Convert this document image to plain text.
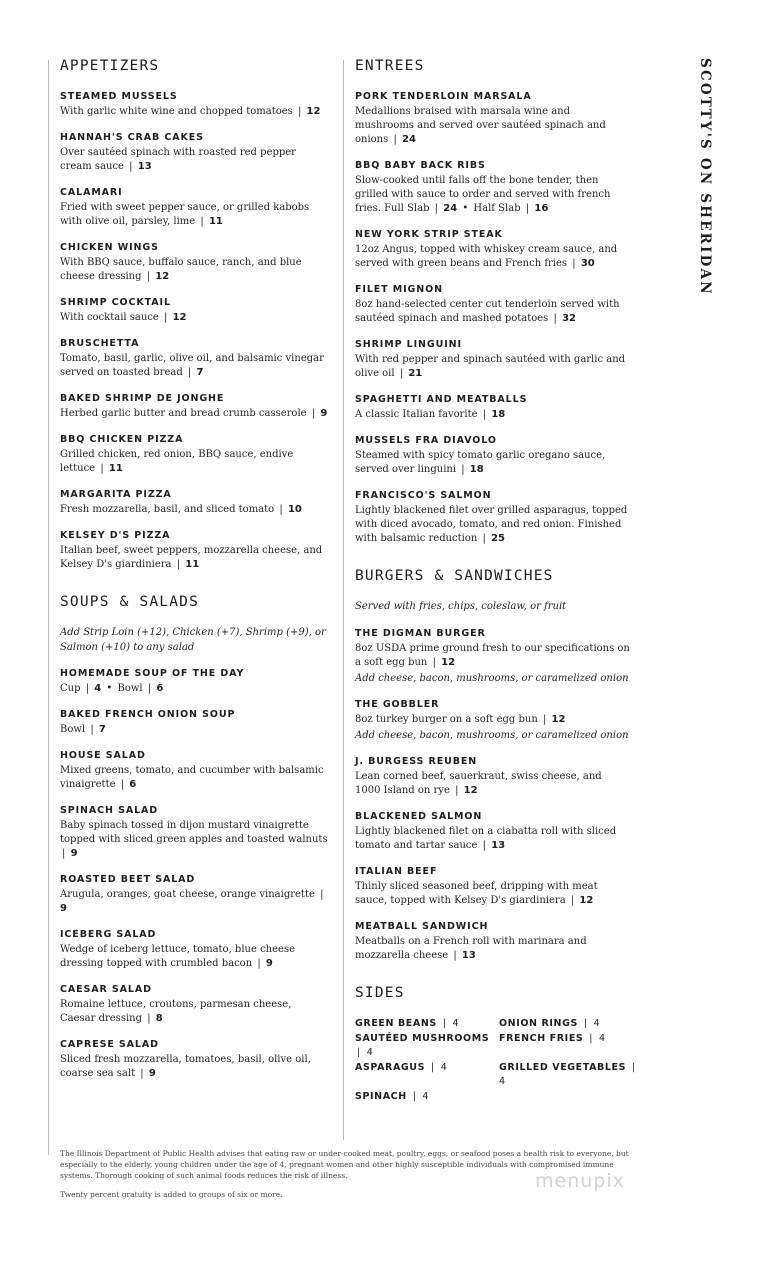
SCOTTY'S ON SHERIDAN
APPETIZERS
STEAMED MUSSELS
With garlic white wine and chopped tomatoes | 12
HANNAH'S CRAB CAKES
Over sautéed spinach with roasted red pepper cream sauce | 13
CALAMARI
Fried with sweet pepper sauce, or grilled kabobs with olive oil, parsley, lime | 11
CHICKEN WINGS
With BBQ sauce, buffalo sauce, ranch, and blue cheese dressing | 12
SHRIMP COCKTAIL
With cocktail sauce | 12
BRUSCHETTA
Tomato, basil, garlic, olive oil, and balsamic vinegar served on toasted bread | 7
BAKED SHRIMP DE JONGHE
Herbed garlic butter and bread crumb casserole | 9
BBQ CHICKEN PIZZA
Grilled chicken, red onion, BBQ sauce, endive lettuce | 11
MARGARITA PIZZA
Fresh mozzarella, basil, and sliced tomato | 10
KELSEY D'S PIZZA
Italian beef, sweet peppers, mozzarella cheese, and Kelsey D's giardiniera | 11
SOUPS & SALADS

Add Strip Loin (+12), Chicken (+7), Shrimp (+9), or Salmon (+10) to any salad

HOMEMADE SOUP OF THE DAY
Cup | 4 • Bowl | 6
BAKED FRENCH ONION SOUP
Bowl | 7
HOUSE SALAD
Mixed greens, tomato, and cucumber with balsamic vinaigrette | 6
SPINACH SALAD
Baby spinach tossed in dijon mustard vinaigrette topped with sliced green apples and toasted walnuts | 9
ROASTED BEET SALAD
Arugula, oranges, goat cheese, orange vinaigrette | 9
ICEBERG SALAD
Wedge of iceberg lettuce, tomato, blue cheese dressing topped with crumbled bacon | 9
CAESAR SALAD
Romaine lettuce, croutons, parmesan cheese, Caesar dressing | 8
CAPRESE SALAD
Sliced fresh mozzarella, tomatoes, basil, olive oil, coarse sea salt | 9
ENTREES
PORK TENDERLOIN MARSALA
Medallions braised with marsala wine and mushrooms and served over sautéed spinach and onions | 24
BBQ BABY BACK RIBS
Slow-cooked until falls off the bone tender, then grilled with sauce to order and served with french fries. Full Slab | 24 • Half Slab | 16
NEW YORK STRIP STEAK
12oz Angus, topped with whiskey cream sauce, and served with green beans and French fries | 30
FILET MIGNON
8oz hand-selected center cut tenderloin served with sautéed spinach and mashed potatoes | 32
SHRIMP LINGUINI
With red pepper and spinach sautéed with garlic and olive oil | 21
SPAGHETTI AND MEATBALLS
A classic Italian favorite | 18
MUSSELS FRA DIAVOLO
Steamed with spicy tomato garlic oregano sauce, served over linguini | 18
FRANCISCO'S SALMON
Lightly blackened filet over grilled asparagus, topped with diced avocado, tomato, and red onion. Finished with balsamic reduction | 25
BURGERS & SANDWICHES

Served with fries, chips, coleslaw, or fruit

THE DIGMAN BURGER
8oz USDA prime ground fresh to our specifications on a soft egg bun | 12
Add cheese, bacon, mushrooms, or caramelized onion
THE GOBBLER
8oz turkey burger on a soft egg bun | 12
Add cheese, bacon, mushrooms, or caramelized onion
J. BURGESS REUBEN
Lean corned beef, sauerkraut, swiss cheese, and 1000 Island on rye | 12
BLACKENED SALMON
Lightly blackened filet on a ciabatta roll with sliced tomato and tartar sauce | 13
ITALIAN BEEF
Thinly sliced seasoned beef, dripping with meat sauce, topped with Kelsey D's giardiniera | 12
MEATBALL SANDWICH
Meatballs on a French roll with marinara and mozzarella cheese | 13
SIDES
GREEN BEANS | 4	ONION RINGS | 4
SAUTÉED MUSHROOMS | 4
FRENCH FRIES | 4
ASPARAGUS | 4	GRILLED VEGETABLES | 4
SPINACH | 4

The Illinois Department of Public Health advises that eating raw or under-cooked meat, poultry, eggs, or seafood poses a health risk to everyone, but especially to the elderly, young children under the age of 4, pregnant women and other highly susceptible individuals with compromised immune systems. Thorough cooking of such animal foods reduces the risk of illness.

Twenty percent gratuity is added to groups of six or more.

menupix
